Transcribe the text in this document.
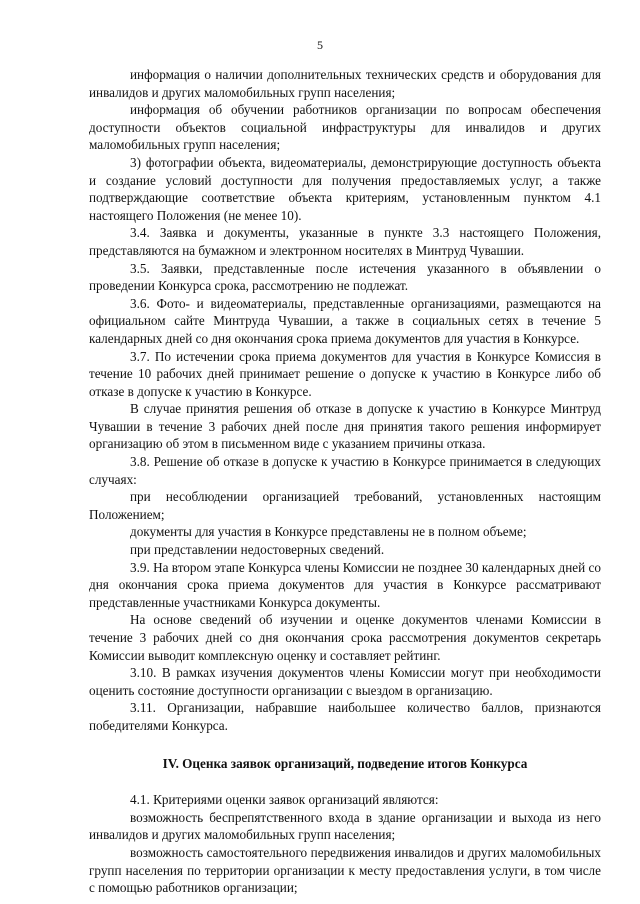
5

информация о наличии дополнительных технических средств и оборудования для инвалидов и других маломобильных групп населения;

информация об обучении работников организации по вопросам обеспечения доступности объектов социальной инфраструктуры для инвалидов и других маломобильных групп населения;

3) фотографии объекта, видеоматериалы, демонстрирующие доступность объекта и создание условий доступности для получения предоставляемых услуг, а также подтверждающие соответствие объекта критериям, установленным пунктом 4.1 настоящего Положения (не менее 10).

3.4. Заявка и документы, указанные в пункте 3.3 настоящего Положения, представляются на бумажном и электронном носителях в Минтруд Чувашии.

3.5. Заявки, представленные после истечения указанного в объявлении о проведении Конкурса срока, рассмотрению не подлежат.

3.6. Фото- и видеоматериалы, представленные организациями, размещаются на официальном сайте Минтруда Чувашии, а также в социальных сетях в течение 5 календарных дней со дня окончания срока приема документов для участия в Конкурсе.

3.7. По истечении срока приема документов для участия в Конкурсе Комиссия в течение 10 рабочих дней принимает решение о допуске к участию в Конкурсе либо об отказе в допуске к участию в Конкурсе.

В случае принятия решения об отказе в допуске к участию в Конкурсе Минтруд Чувашии в течение 3 рабочих дней после дня принятия такого решения информирует организацию об этом в письменном виде с указанием причины отказа.

3.8. Решение об отказе в допуске к участию в Конкурсе принимается в следующих случаях:

при несоблюдении организацией требований, установленных настоящим Положением;

документы для участия в Конкурсе представлены не в полном объеме;

при представлении недостоверных сведений.

3.9. На втором этапе Конкурса члены Комиссии не позднее 30 календарных дней со дня окончания срока приема документов для участия в Конкурсе рассматривают представленные участниками Конкурса документы.

На основе сведений об изучении и оценке документов членами Комиссии в течение 3 рабочих дней со дня окончания срока рассмотрения документов секретарь Комиссии выводит комплексную оценку и составляет рейтинг.

3.10. В рамках изучения документов члены Комиссии могут при необходимости оценить состояние доступности организации с выездом в организацию.

3.11. Организации, набравшие наибольшее количество баллов, признаются победителями Конкурса.

IV. Оценка заявок организаций, подведение итогов Конкурса

4.1. Критериями оценки заявок организаций являются:

возможность беспрепятственного входа в здание организации и выхода из него инвалидов и других маломобильных групп населения;

возможность самостоятельного передвижения инвалидов и других маломобильных групп населения по территории организации к месту предоставления услуги, в том числе с помощью работников организации;
